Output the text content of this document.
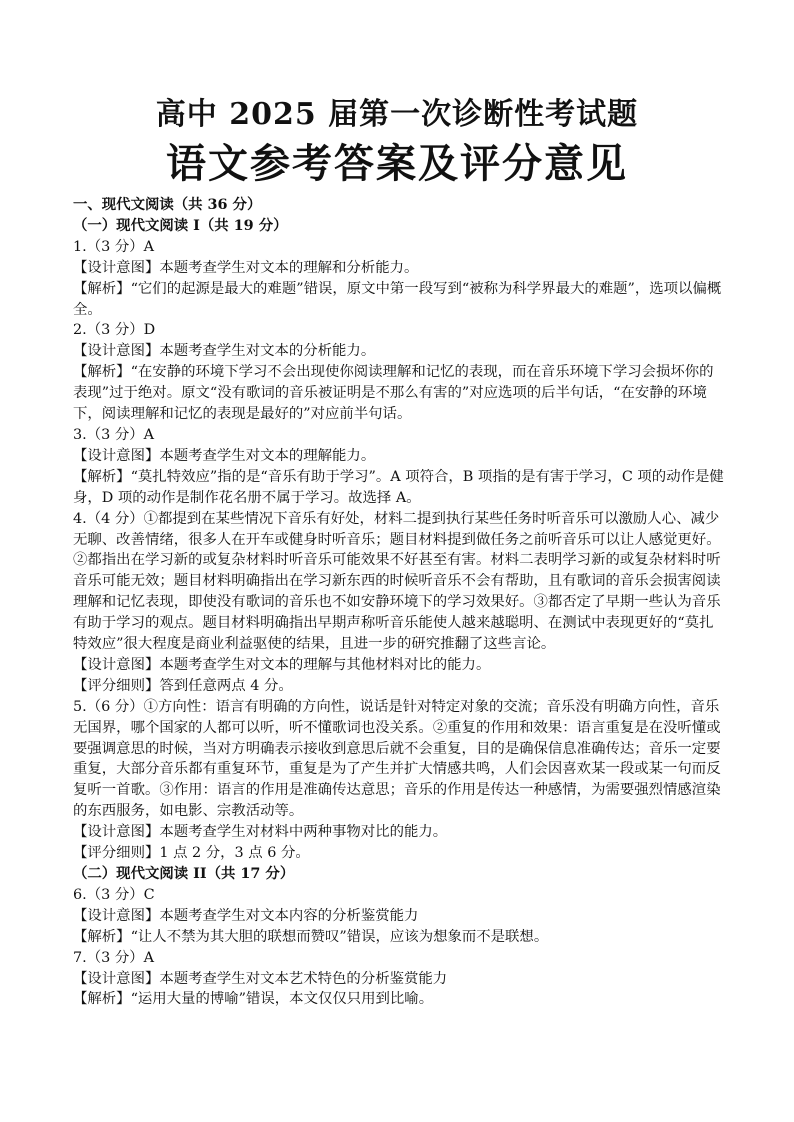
高中 2025 届第一次诊断性考试题
语文参考答案及评分意见

一、现代文阅读（共 36 分）

（一）现代文阅读 I（共 19 分）

1.（3 分）A

【设计意图】本题考查学生对文本的理解和分析能力。

【解析】“它们的起源是最大的难题”错误，原文中第一段写到“被称为科学界最大的难题”，选项以偏概全。

2.（3 分）D

【设计意图】本题考查学生对文本的分析能力。

【解析】“在安静的环境下学习不会出现使你阅读理解和记忆的表现，而在音乐环境下学习会损坏你的表现”过于绝对。原文“没有歌词的音乐被证明是不那么有害的”对应选项的后半句话，“在安静的环境下，阅读理解和记忆的表现是最好的”对应前半句话。

3.（3 分）A

【设计意图】本题考查学生对文本的理解能力。

【解析】“莫扎特效应”指的是“音乐有助于学习”。A 项符合，B 项指的是有害于学习，C 项的动作是健身，D 项的动作是制作花名册不属于学习。故选择 A。

4.（4 分）①都提到在某些情况下音乐有好处，材料二提到执行某些任务时听音乐可以激励人心、减少无聊、改善情绪，很多人在开车或健身时听音乐；题目材料提到做任务之前听音乐可以让人感觉更好。②都指出在学习新的或复杂材料时听音乐可能效果不好甚至有害。材料二表明学习新的或复杂材料时听音乐可能无效；题目材料明确指出在学习新东西的时候听音乐不会有帮助，且有歌词的音乐会损害阅读理解和记忆表现，即使没有歌词的音乐也不如安静环境下的学习效果好。③都否定了早期一些认为音乐有助于学习的观点。题目材料明确指出早期声称听音乐能使人越来越聪明、在测试中表现更好的“莫扎特效应”很大程度是商业利益驱使的结果，且进一步的研究推翻了这些言论。

【设计意图】本题考查学生对文本的理解与其他材料对比的能力。

【评分细则】答到任意两点 4 分。

5.（6 分）①方向性：语言有明确的方向性，说话是针对特定对象的交流；音乐没有明确方向性，音乐无国界，哪个国家的人都可以听，听不懂歌词也没关系。②重复的作用和效果：语言重复是在没听懂或要强调意思的时候，当对方明确表示接收到意思后就不会重复，目的是确保信息准确传达；音乐一定要重复，大部分音乐都有重复环节，重复是为了产生并扩大情感共鸣，人们会因喜欢某一段或某一句而反复听一首歌。③作用：语言的作用是准确传达意思；音乐的作用是传达一种感情，为需要强烈情感渲染的东西服务，如电影、宗教活动等。

【设计意图】本题考查学生对材料中两种事物对比的能力。

【评分细则】1 点 2 分，3 点 6 分。

（二）现代文阅读 II（共 17 分）

6.（3 分）C

【设计意图】本题考查学生对文本内容的分析鉴赏能力

【解析】“让人不禁为其大胆的联想而赞叹”错误，应该为想象而不是联想。

7.（3 分）A

【设计意图】本题考查学生对文本艺术特色的分析鉴赏能力

【解析】“运用大量的博喻”错误，本文仅仅只用到比喻。
